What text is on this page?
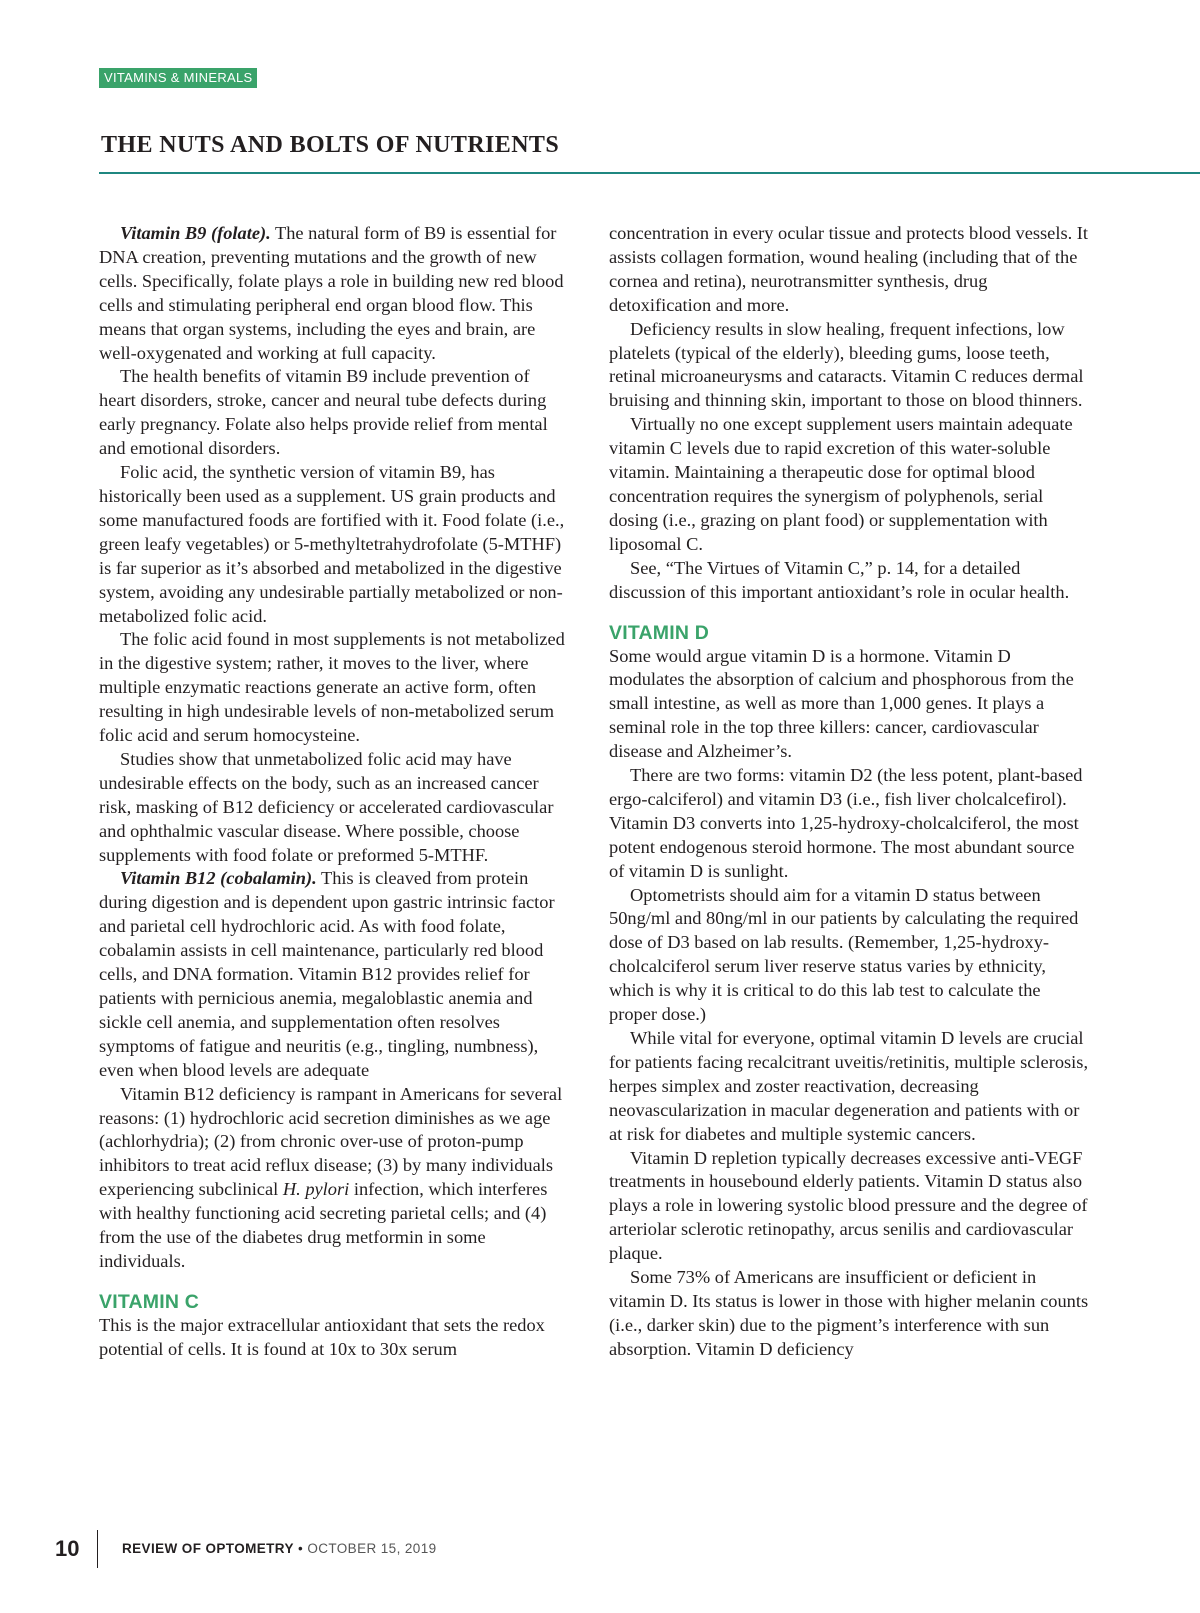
VITAMINS & MINERALS
THE NUTS AND BOLTS OF NUTRIENTS

Vitamin B9 (folate). The natural form of B9 is essential for DNA creation, preventing mutations and the growth of new cells. Specifically, folate plays a role in building new red blood cells and stimulating peripheral end organ blood flow. This means that organ systems, including the eyes and brain, are well-oxygenated and working at full capacity.

The health benefits of vitamin B9 include prevention of heart disorders, stroke, cancer and neural tube defects during early pregnancy. Folate also helps provide relief from mental and emotional disorders.

Folic acid, the synthetic version of vitamin B9, has historically been used as a supplement. US grain products and some manufactured foods are fortified with it. Food folate (i.e., green leafy vegetables) or 5-methyltetrahydrofolate (5-MTHF) is far superior as it’s absorbed and metabolized in the digestive system, avoiding any undesirable partially metabolized or non-metabolized folic acid.

The folic acid found in most supplements is not metabolized in the digestive system; rather, it moves to the liver, where multiple enzymatic reactions generate an active form, often resulting in high undesirable levels of non-metabolized serum folic acid and serum homocysteine.

Studies show that unmetabolized folic acid may have undesirable effects on the body, such as an increased cancer risk, masking of B12 deficiency or accelerated cardiovascular and ophthalmic vascular disease. Where possible, choose supplements with food folate or preformed 5-MTHF.

Vitamin B12 (cobalamin). This is cleaved from protein during digestion and is dependent upon gastric intrinsic factor and parietal cell hydrochloric acid. As with food folate, cobalamin assists in cell maintenance, particularly red blood cells, and DNA formation. Vitamin B12 provides relief for patients with pernicious anemia, megaloblastic anemia and sickle cell anemia, and supplementation often resolves symptoms of fatigue and neuritis (e.g., tingling, numbness), even when blood levels are adequate

Vitamin B12 deficiency is rampant in Americans for several reasons: (1) hydrochloric acid secretion diminishes as we age (achlorhydria); (2) from chronic over-use of proton-pump inhibitors to treat acid reflux disease; (3) by many individuals experiencing subclinical H. pylori infection, which interferes with healthy functioning acid secreting parietal cells; and (4) from the use of the diabetes drug metformin in some individuals.

VITAMIN C

This is the major extracellular antioxidant that sets the redox potential of cells. It is found at 10x to 30x serum

concentration in every ocular tissue and protects blood vessels. It assists collagen formation, wound healing (including that of the cornea and retina), neurotransmitter synthesis, drug detoxification and more.

Deficiency results in slow healing, frequent infections, low platelets (typical of the elderly), bleeding gums, loose teeth, retinal microaneurysms and cataracts. Vitamin C reduces dermal bruising and thinning skin, important to those on blood thinners.

Virtually no one except supplement users maintain adequate vitamin C levels due to rapid excretion of this water-soluble vitamin. Maintaining a therapeutic dose for optimal blood concentration requires the synergism of polyphenols, serial dosing (i.e., grazing on plant food) or supplementation with liposomal C.

See, “The Virtues of Vitamin C,” p. 14, for a detailed discussion of this important antioxidant’s role in ocular health.

VITAMIN D

Some would argue vitamin D is a hormone. Vitamin D modulates the absorption of calcium and phosphorous from the small intestine, as well as more than 1,000 genes. It plays a seminal role in the top three killers: cancer, cardiovascular disease and Alzheimer’s.

There are two forms: vitamin D2 (the less potent, plant-based ergo-calciferol) and vitamin D3 (i.e., fish liver cholcalcefirol). Vitamin D3 converts into 1,25-hydroxy-cholcalciferol, the most potent endogenous steroid hormone. The most abundant source of vitamin D is sunlight.

Optometrists should aim for a vitamin D status between 50ng/ml and 80ng/ml in our patients by calculating the required dose of D3 based on lab results. (Remember, 1,25-hydroxy-cholcalciferol serum liver reserve status varies by ethnicity, which is why it is critical to do this lab test to calculate the proper dose.)

While vital for everyone, optimal vitamin D levels are crucial for patients facing recalcitrant uveitis/retinitis, multiple sclerosis, herpes simplex and zoster reactivation, decreasing neovascularization in macular degeneration and patients with or at risk for diabetes and multiple systemic cancers.

Vitamin D repletion typically decreases excessive anti-VEGF treatments in housebound elderly patients. Vitamin D status also plays a role in lowering systolic blood pressure and the degree of arteriolar sclerotic retinopathy, arcus senilis and cardiovascular plaque.

Some 73% of Americans are insufficient or deficient in vitamin D. Its status is lower in those with higher melanin counts (i.e., darker skin) due to the pigment’s interference with sun absorption. Vitamin D deficiency

10	REVIEW OF OPTOMETRY • OCTOBER 15, 2019
